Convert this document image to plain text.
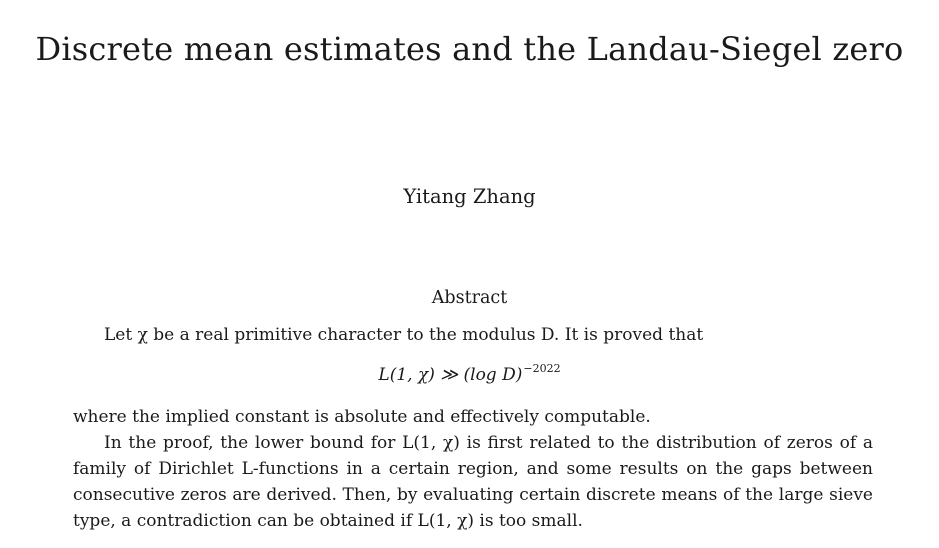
Discrete mean estimates and the Landau-Siegel zero
Yitang Zhang
Abstract
Let χ be a real primitive character to the modulus D. It is proved that
L(1, χ) ≫ (log D)$^{-2022}$
where the implied constant is absolute and effectively computable.
In the proof, the lower bound for L(1, χ) is first related to the distribution of zeros of a family of Dirichlet L-functions in a certain region, and some results on the gaps between consecutive zeros are derived. Then, by evaluating certain discrete means of the large sieve type, a contradiction can be obtained if L(1, χ) is too small.
